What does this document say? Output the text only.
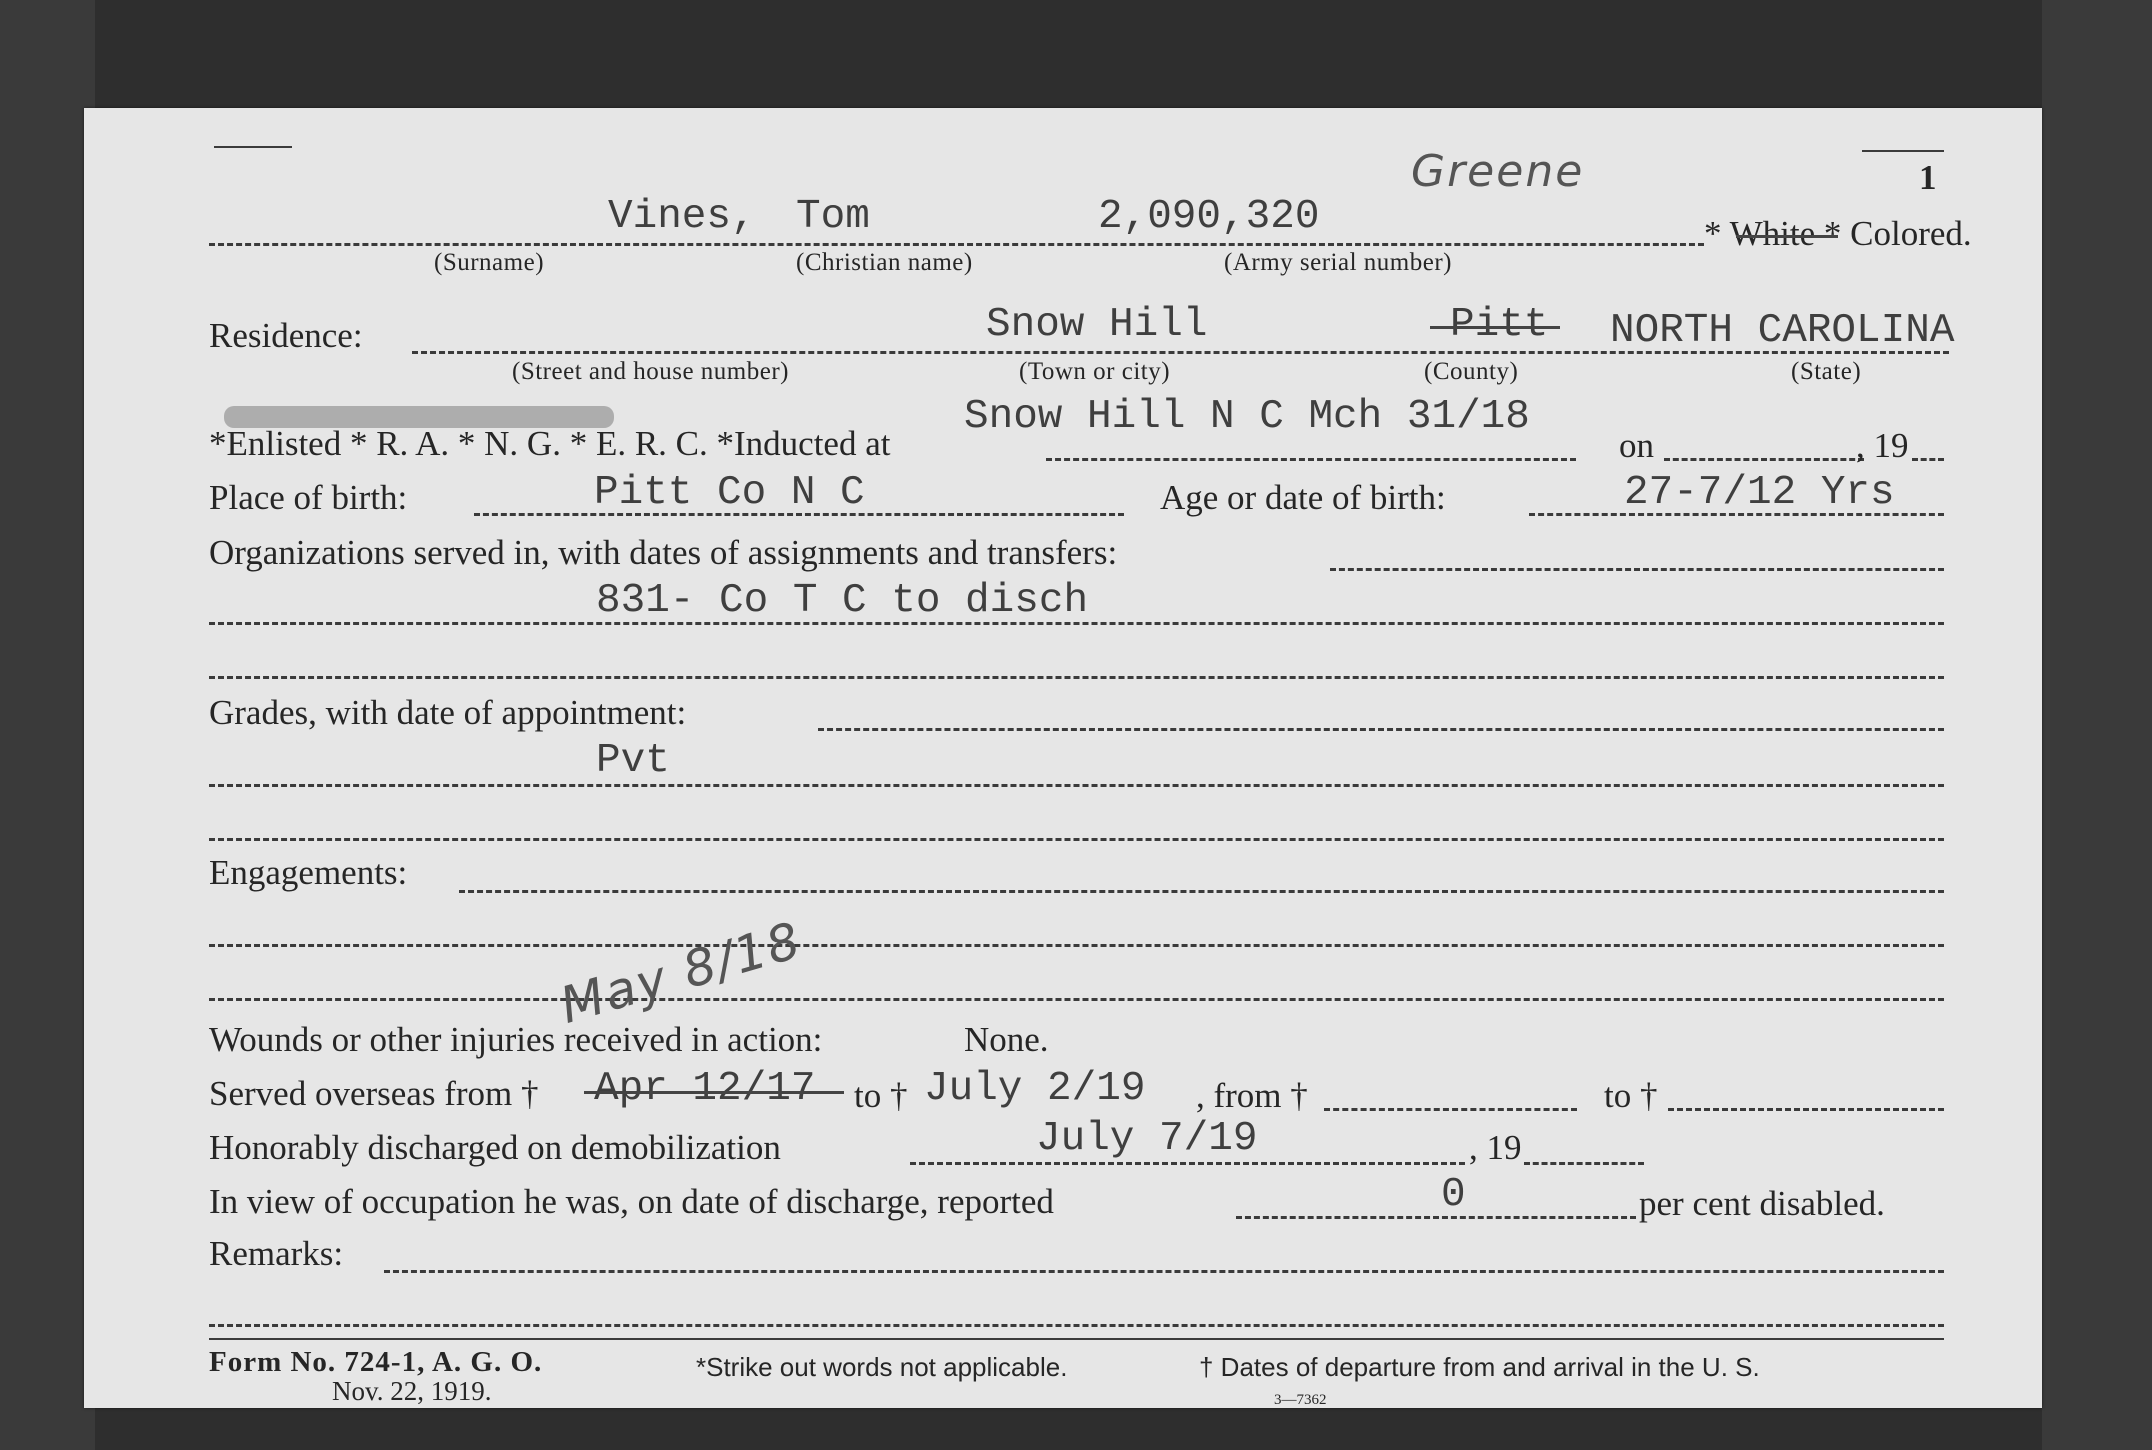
1
Greene
Vines, Tom	2,090,320	* White * Colored.
(Surname)	(Christian name)	(Army serial number)
Residence:	Snow Hill	Pitt NORTH CAROLINA
(Street and house number)	(Town or city)	(County)	(State)
*Enlisted * R. A. * N. G. * E. R. C. *Inducted at
Snow Hill N C Mch 31/18
on	, 19
Place of birth:	Pitt Co N C	Age or date of birth:	27-7/12 Yrs
Organizations served in, with dates of assignments and transfers:
831- Co T C to disch
Grades, with date of appointment:
Pvt
Engagements:
May 8/18
Wounds or other injuries received in action:	None.
Served overseas from † Apr 12/17 to † July 2/19 , from †	to †
Honorably discharged on demobilization	July 7/19	, 19
In view of occupation he was, on date of discharge, reported	0	per cent disabled.
Remarks:
Form No. 724-1, A. G. O.
Nov. 22, 1919.
*Strike out words not applicable.	† Dates of departure from and arrival in the U. S.
3—7362
